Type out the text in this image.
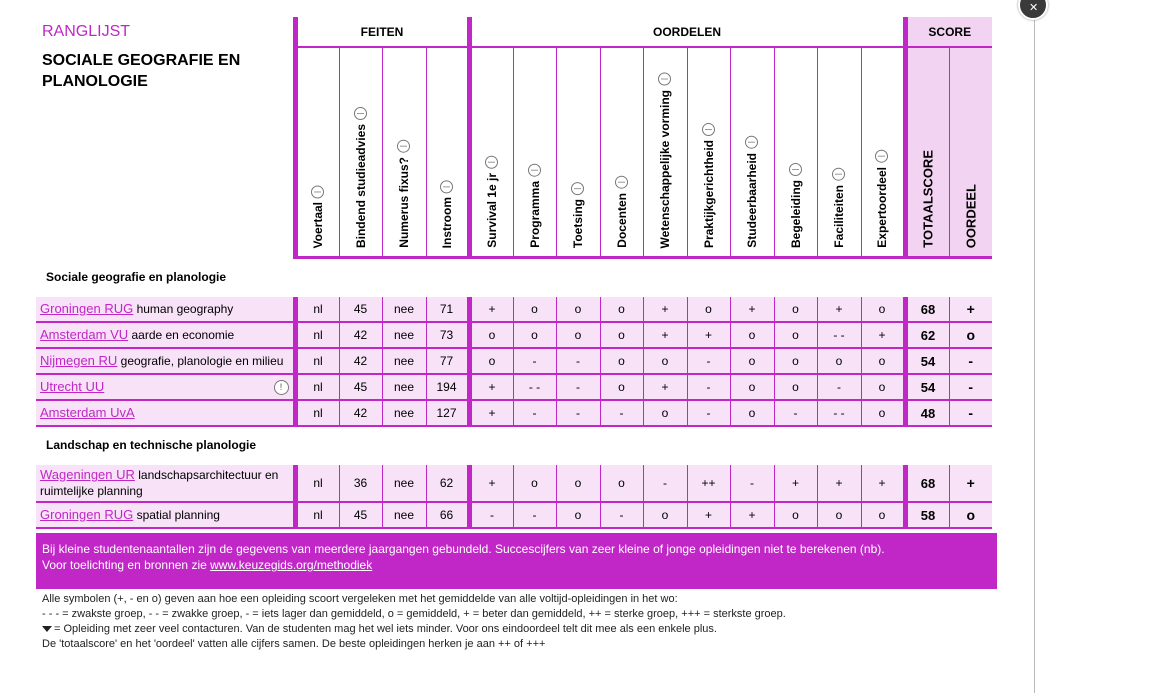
✕
RANGLIJST
SOCIALE GEOGRAFIE EN PLANOLOGIE	FEITEN				OORDELEN										SCORE	

	Voertaal	Bindend studieadvies	Numerus fixus?	Instroom	Survival 1e jr	Programma	Toetsing	Docenten	Wetenschappelijke vorming	Praktijkgerichtheid	Studeerbaarheid	Begeleiding	Faciliteiten	Expertoordeel	TOTAALSCORE	OORDEEL

Sociale geografie en planologie																

Groningen RUG human geography	nl	45	nee	71	+	o	o	o	+	o	+	o	+	o	68	+
Amsterdam VU aarde en economie	nl	42	nee	73	o	o	o	o	+	+	o	o	- -	+	62	o
Nijmegen RU geografie, planologie en milieu	nl	42	nee	77	o	-	-	o	o	-	o	o	o	o	54	-
Utrecht UU !	nl	45	nee	194	+	- -	-	o	+	-	o	o	-	o	54	-
Amsterdam UvA	nl	42	nee	127	+	-	-	-	o	-	o	-	- -	o	48	-
Landschap en technische planologie																

Wageningen UR landschapsarchitectuur en ruimtelijke planning	nl	36	nee	62	+	o	o	o	-	++	-	+	+	+	68	+
Groningen RUG spatial planning	nl	45	nee	66	-	-	o	-	o	+	+	o	o	o	58	o
Bij kleine studentenaantallen zijn de gegevens van meerdere jaargangen gebundeld. Succescijfers van zeer kleine of jonge opleidingen niet te berekenen (nb).
Voor toelichting en bronnen zie www.keuzegids.org/methodiek
Alle symbolen (+, - en o) geven aan hoe een opleiding scoort vergeleken met het gemiddelde van alle voltijd-opleidingen in het wo:
- - - = zwakste groep, - - = zwakke groep, - = iets lager dan gemiddeld, o = gemiddeld, + = beter dan gemiddeld, ++ = sterke groep, +++ = sterkste groep.
= Opleiding met zeer veel contacturen. Van de studenten mag het wel iets minder. Voor ons eindoordeel telt dit mee als een enkele plus.
De 'totaalscore' en het 'oordeel' vatten alle cijfers samen. De beste opleidingen herken je aan ++ of +++
